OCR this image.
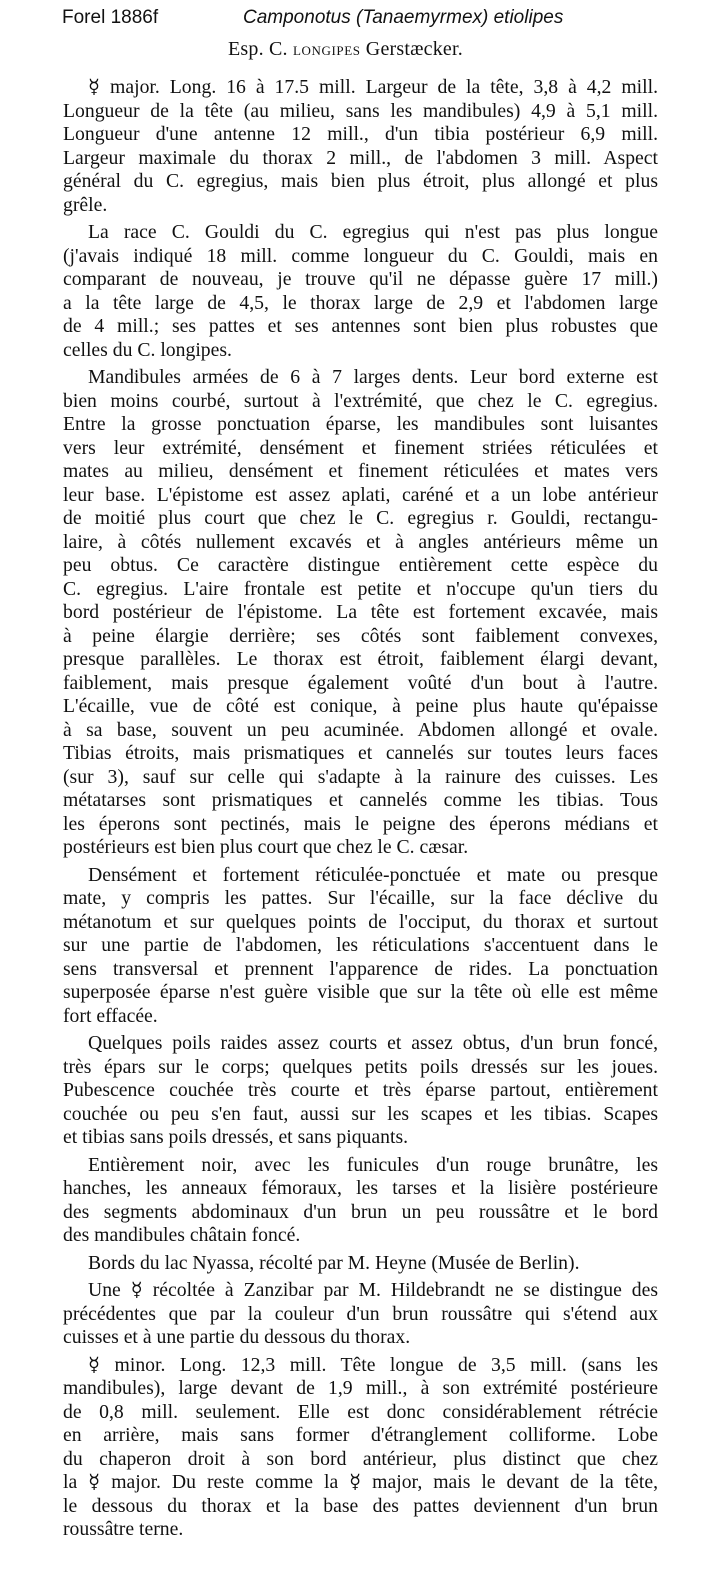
Forel 1886f	Camponotus (Tanaemyrmex) etiolipes
Esp. C. longipes Gerstæcker.
☿ major. Long. 16 à 17.5 mill. Largeur de la tête, 3,8 à 4,2 mill.
Longueur de la tête (au milieu, sans les mandibules) 4,9 à 5,1 mill.
Longueur d'une antenne 12 mill., d'un tibia postérieur 6,9 mill.
Largeur maximale du thorax 2 mill., de l'abdomen 3 mill. Aspect
général du C. egregius, mais bien plus étroit, plus allongé et plus
grêle.
La race C. Gouldi du C. egregius qui n'est pas plus longue
(j'avais indiqué 18 mill. comme longueur du C. Gouldi, mais en
comparant de nouveau, je trouve qu'il ne dépasse guère 17 mill.)
a la tête large de 4,5, le thorax large de 2,9 et l'abdomen large
de 4 mill.; ses pattes et ses antennes sont bien plus robustes que
celles du C. longipes.
Mandibules armées de 6 à 7 larges dents. Leur bord externe est
bien moins courbé, surtout à l'extrémité, que chez le C. egregius.
Entre la grosse ponctuation éparse, les mandibules sont luisantes
vers leur extrémité, densément et finement striées réticulées et
mates au milieu, densément et finement réticulées et mates vers
leur base. L'épistome est assez aplati, caréné et a un lobe antérieur
de moitié plus court que chez le C. egregius r. Gouldi, rectangu-
laire, à côtés nullement excavés et à angles antérieurs même un
peu obtus. Ce caractère distingue entièrement cette espèce du
C. egregius. L'aire frontale est petite et n'occupe qu'un tiers du
bord postérieur de l'épistome. La tête est fortement excavée, mais
à peine élargie derrière; ses côtés sont faiblement convexes,
presque parallèles. Le thorax est étroit, faiblement élargi devant,
faiblement, mais presque également voûté d'un bout à l'autre.
L'écaille, vue de côté est conique, à peine plus haute qu'épaisse
à sa base, souvent un peu acuminée. Abdomen allongé et ovale.
Tibias étroits, mais prismatiques et cannelés sur toutes leurs faces
(sur 3), sauf sur celle qui s'adapte à la rainure des cuisses. Les
métatarses sont prismatiques et cannelés comme les tibias. Tous
les éperons sont pectinés, mais le peigne des éperons médians et
postérieurs est bien plus court que chez le C. cæsar.
Densément et fortement réticulée-ponctuée et mate ou presque
mate, y compris les pattes. Sur l'écaille, sur la face déclive du
métanotum et sur quelques points de l'occiput, du thorax et surtout
sur une partie de l'abdomen, les réticulations s'accentuent dans le
sens transversal et prennent l'apparence de rides. La ponctuation
superposée éparse n'est guère visible que sur la tête où elle est même
fort effacée.
Quelques poils raides assez courts et assez obtus, d'un brun foncé,
très épars sur le corps; quelques petits poils dressés sur les joues.
Pubescence couchée très courte et très éparse partout, entièrement
couchée ou peu s'en faut, aussi sur les scapes et les tibias. Scapes
et tibias sans poils dressés, et sans piquants.
Entièrement noir, avec les funicules d'un rouge brunâtre, les
hanches, les anneaux fémoraux, les tarses et la lisière postérieure
des segments abdominaux d'un brun un peu roussâtre et le bord
des mandibules châtain foncé.
Bords du lac Nyassa, récolté par M. Heyne (Musée de Berlin).
Une ☿ récoltée à Zanzibar par M. Hildebrandt ne se distingue des
précédentes que par la couleur d'un brun roussâtre qui s'étend aux
cuisses et à une partie du dessous du thorax.
☿ minor. Long. 12,3 mill. Tête longue de 3,5 mill. (sans les
mandibules), large devant de 1,9 mill., à son extrémité postérieure
de 0,8 mill. seulement. Elle est donc considérablement rétrécie
en arrière, mais sans former d'étranglement colliforme. Lobe
du chaperon droit à son bord antérieur, plus distinct que chez
la ☿ major. Du reste comme la ☿ major, mais le devant de la tête,
le dessous du thorax et la base des pattes deviennent d'un brun
roussâtre terne.
